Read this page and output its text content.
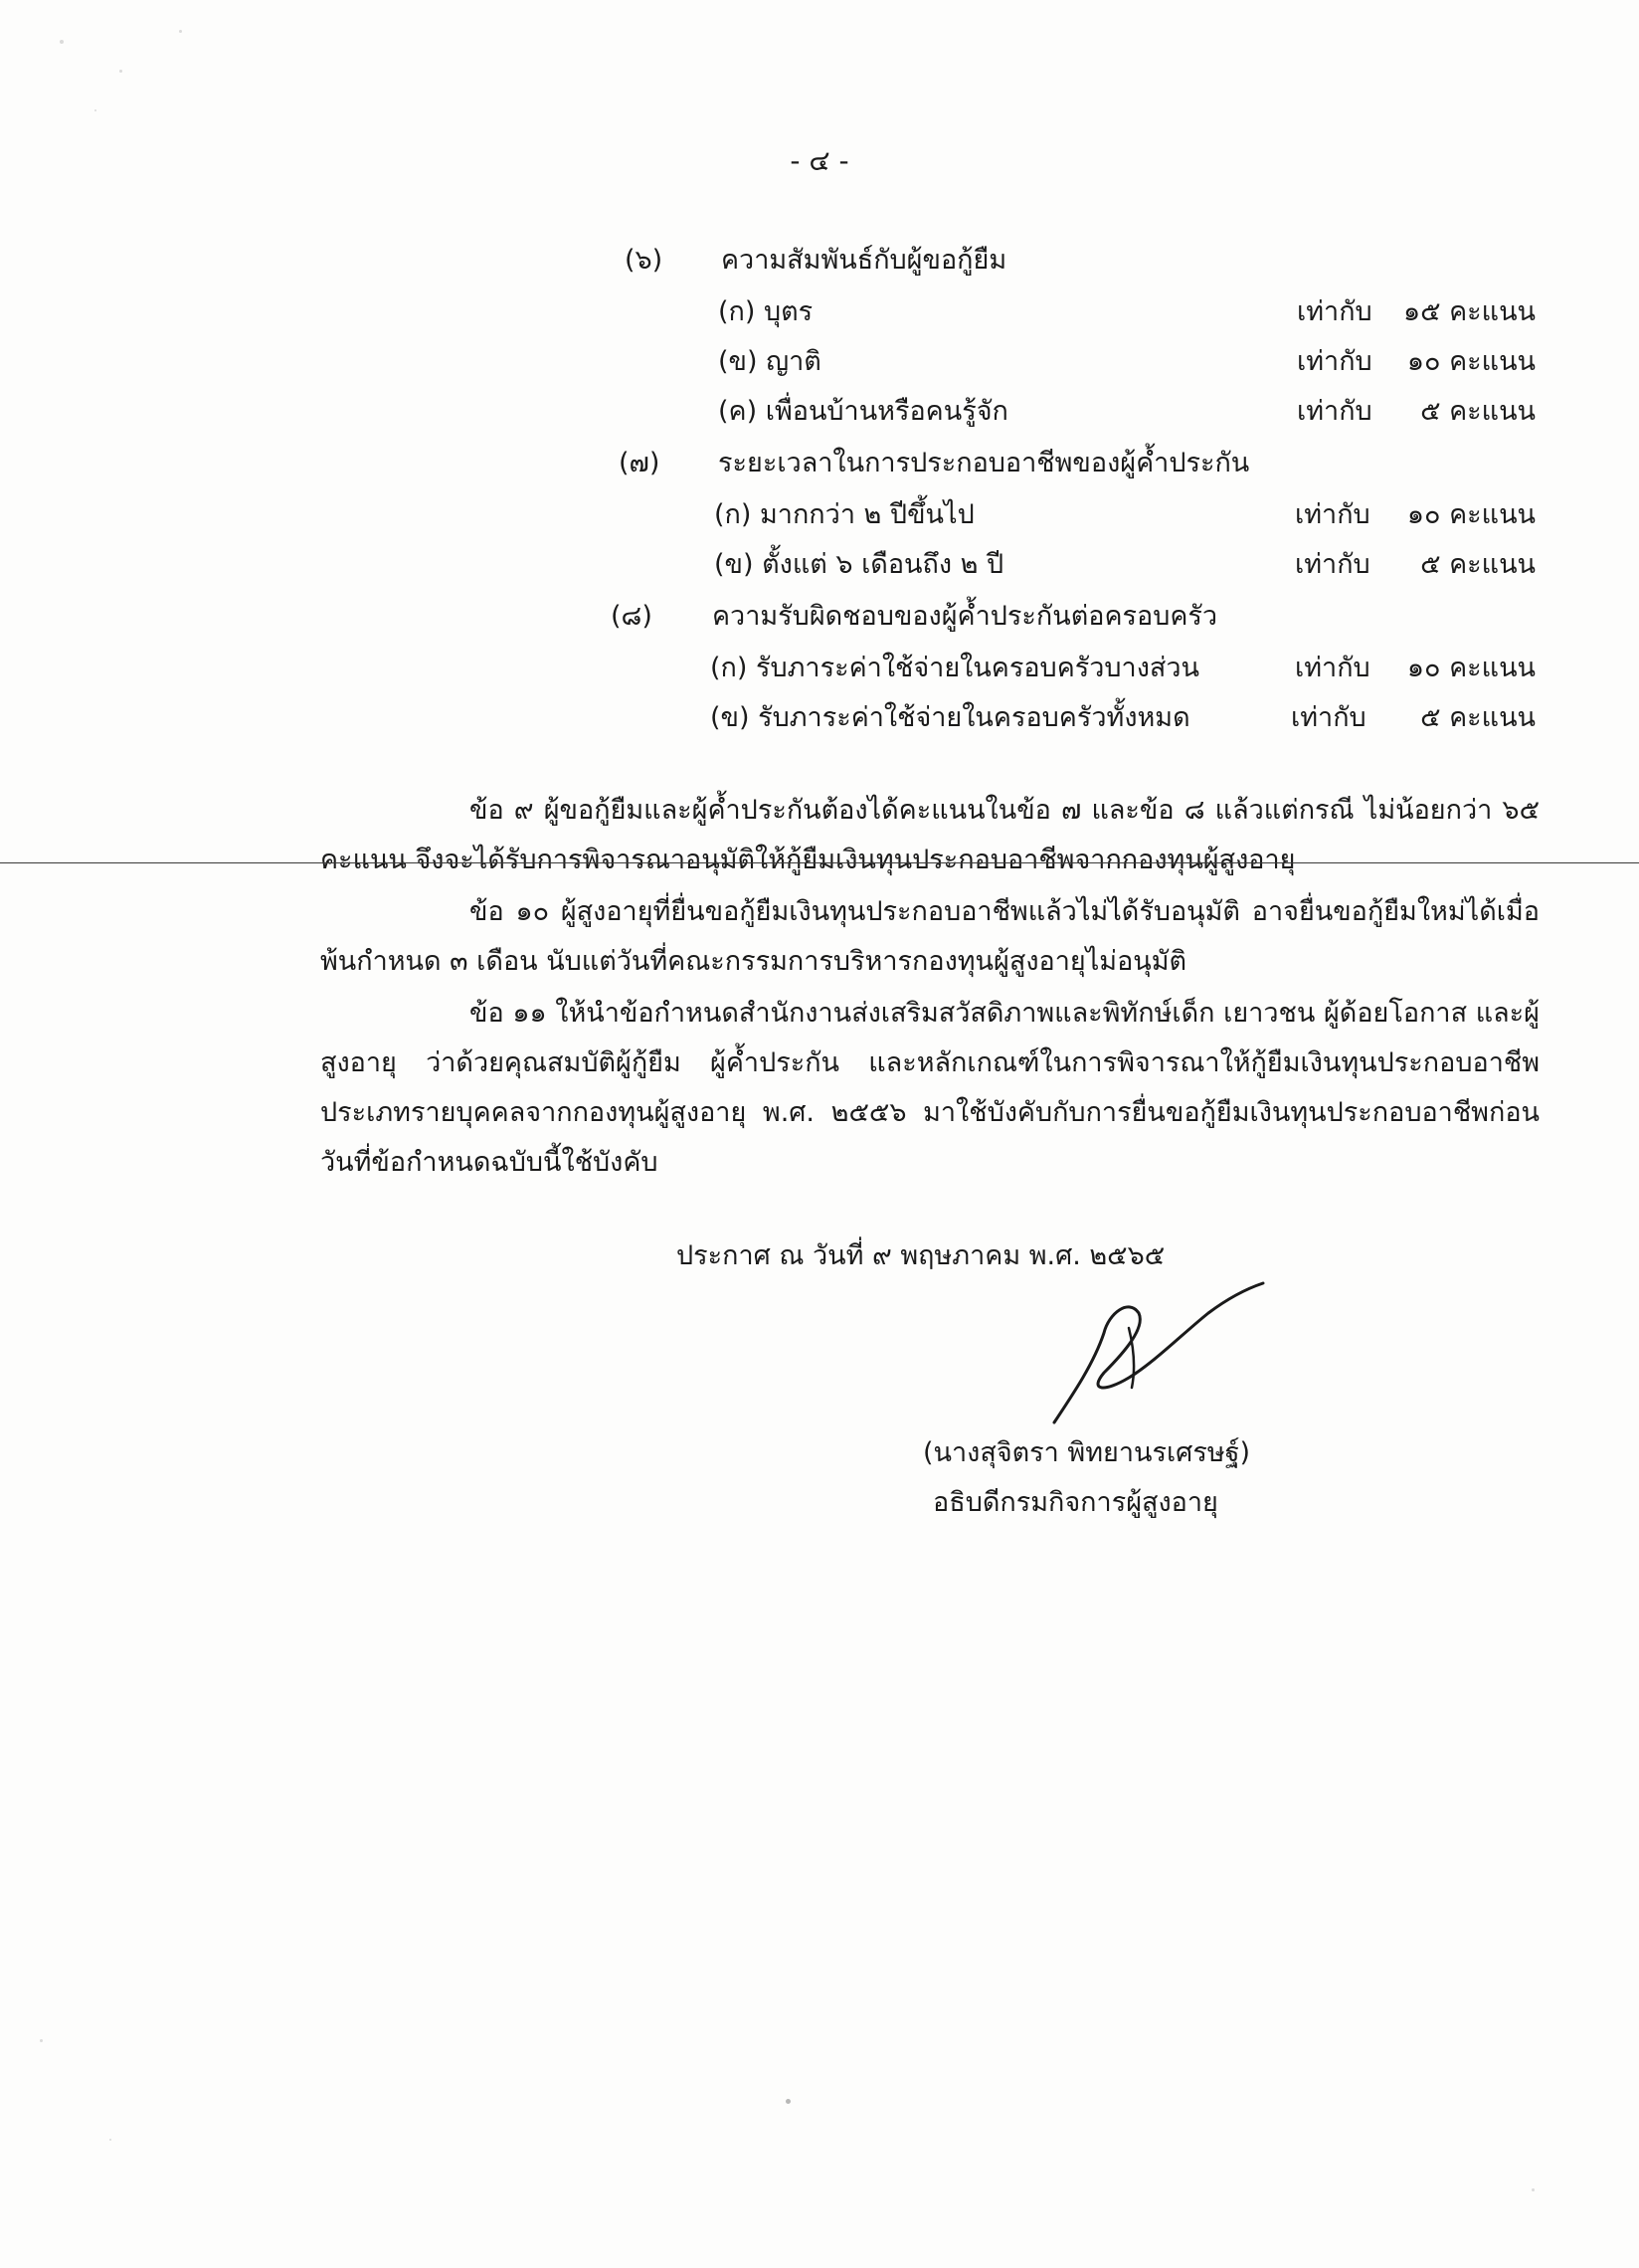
- ๔ -
(๖) ความสัมพันธ์กับผู้ขอกู้ยืม
(ก) บุตร	เท่ากับ	๑๕ คะแนน
(ข) ญาติ	เท่ากับ	๑๐ คะแนน
(ค) เพื่อนบ้านหรือคนรู้จัก	เท่ากับ	๕ คะแนน
(๗) ระยะเวลาในการประกอบอาชีพของผู้ค้ำประกัน
(ก) มากกว่า ๒ ปีขึ้นไป	เท่ากับ	๑๐ คะแนน
(ข) ตั้งแต่ ๖ เดือนถึง ๒ ปี	เท่ากับ	๕ คะแนน
(๘) ความรับผิดชอบของผู้ค้ำประกันต่อครอบครัว
(ก) รับภาระค่าใช้จ่ายในครอบครัวบางส่วน	เท่ากับ	๑๐ คะแนน
(ข) รับภาระค่าใช้จ่ายในครอบครัวทั้งหมด	เท่ากับ	๕ คะแนน
ข้อ ๙ ผู้ขอกู้ยืมและผู้ค้ำประกันต้องได้คะแนนในข้อ ๗ และข้อ ๘ แล้วแต่กรณี ไม่น้อยกว่า ๖๕ คะแนน จึงจะได้รับการพิจารณาอนุมัติให้กู้ยืมเงินทุนประกอบอาชีพจากกองทุนผู้สูงอายุ
ข้อ ๑๐ ผู้สูงอายุที่ยื่นขอกู้ยืมเงินทุนประกอบอาชีพแล้วไม่ได้รับอนุมัติ อาจยื่นขอกู้ยืมใหม่ได้เมื่อพ้นกำหนด ๓ เดือน นับแต่วันที่คณะกรรมการบริหารกองทุนผู้สูงอายุไม่อนุมัติ
ข้อ ๑๑ ให้นำข้อกำหนดสำนักงานส่งเสริมสวัสดิภาพและพิทักษ์เด็ก เยาวชน ผู้ด้อยโอกาส และผู้สูงอายุ ว่าด้วยคุณสมบัติผู้กู้ยืม ผู้ค้ำประกัน และหลักเกณฑ์ในการพิจารณาให้กู้ยืมเงินทุนประกอบอาชีพประเภทรายบุคคลจากกองทุนผู้สูงอายุ พ.ศ. ๒๕๕๖ มาใช้บังคับกับการยื่นขอกู้ยืมเงินทุนประกอบอาชีพก่อนวันที่ข้อกำหนดฉบับนี้ใช้บังคับ
ประกาศ ณ วันที่ ๙ พฤษภาคม พ.ศ. ๒๕๖๕
(นางสุจิตรา พิทยานรเศรษฐ์)
อธิบดีกรมกิจการผู้สูงอายุ
